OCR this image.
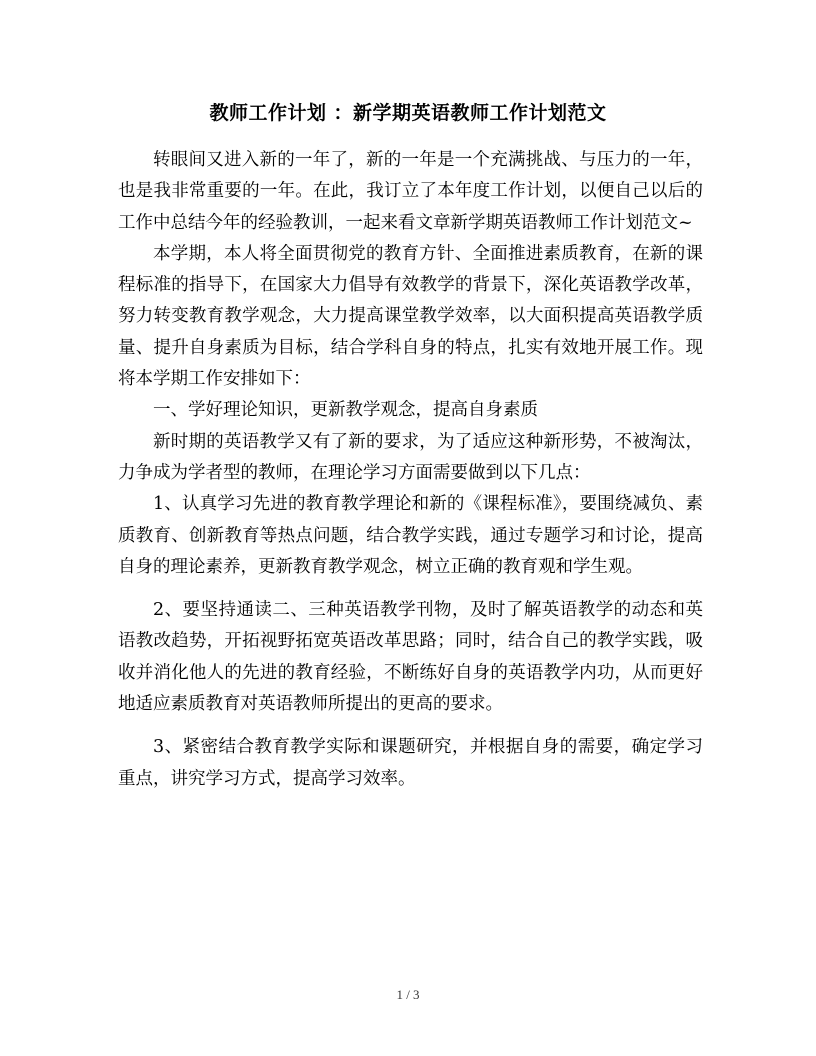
教师工作计划 ：新学期英语教师工作计划范文

转眼间又进入新的一年了，新的一年是一个充满挑战、与压力的一年，也是我非常重要的一年。在此，我订立了本年度工作计划，以便自己以后的工作中总结今年的经验教训，一起来看文章新学期英语教师工作计划范文~

本学期，本人将全面贯彻党的教育方针、全面推进素质教育，在新的课程标准的指导下，在国家大力倡导有效教学的背景下，深化英语教学改革，努力转变教育教学观念，大力提高课堂教学效率，以大面积提高英语教学质量、提升自身素质为目标，结合学科自身的特点，扎实有效地开展工作。现将本学期工作安排如下：

一、学好理论知识，更新教学观念，提高自身素质

新时期的英语教学又有了新的要求，为了适应这种新形势，不被淘汰，力争成为学者型的教师，在理论学习方面需要做到以下几点：

1、认真学习先进的教育教学理论和新的《课程标准》，要围绕减负、素质教育、创新教育等热点问题，结合教学实践，通过专题学习和讨论，提高自身的理论素养，更新教育教学观念，树立正确的教育观和学生观。

2、要坚持通读二、三种英语教学刊物，及时了解英语教学的动态和英语教改趋势，开拓视野拓宽英语改革思路；同时，结合自己的教学实践，吸收并消化他人的先进的教育经验，不断练好自身的英语教学内功，从而更好地适应素质教育对英语教师所提出的更高的要求。

3、紧密结合教育教学实际和课题研究，并根据自身的需要，确定学习重点，讲究学习方式，提高学习效率。

1 / 3
